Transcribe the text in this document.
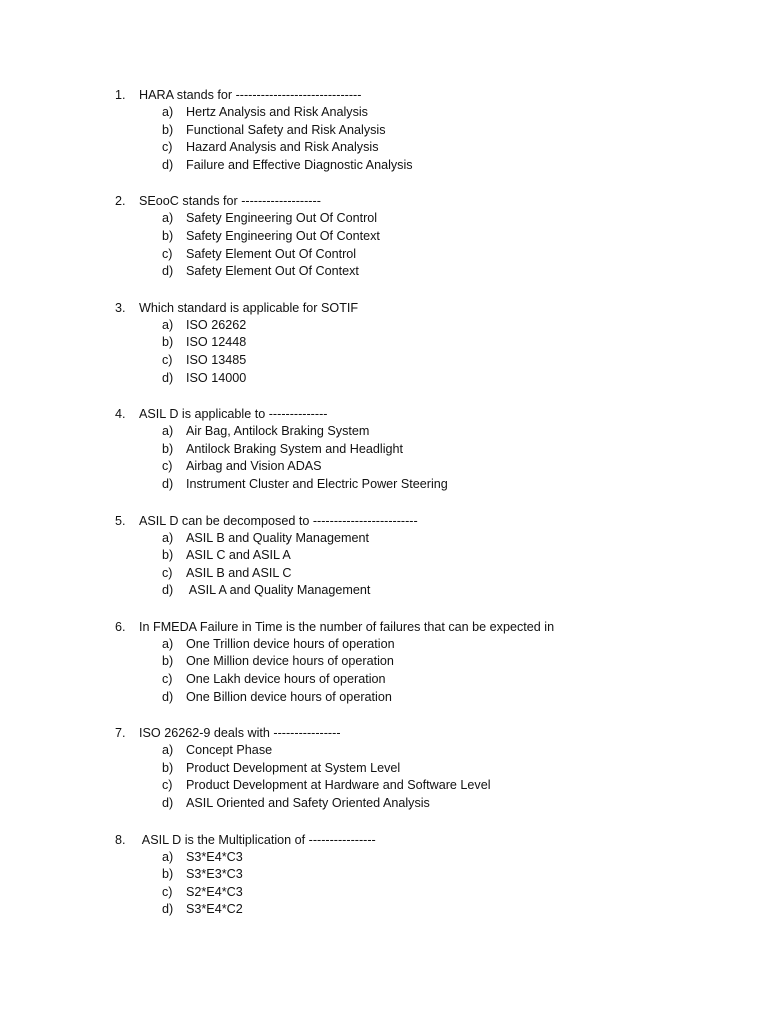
1.	HARA stands for ------------------------------
a)	Hertz Analysis and Risk Analysis
b)	Functional Safety and Risk Analysis
c)	Hazard Analysis and Risk Analysis
d)	Failure and Effective Diagnostic Analysis
2.	SEooC stands for -------------------
a)	Safety Engineering Out Of Control
b)	Safety Engineering Out Of Context
c)	Safety Element Out Of Control
d)	Safety Element Out Of Context
3.	Which standard is applicable for SOTIF
a)	ISO 26262
b)	ISO 12448
c)	ISO 13485
d)	ISO 14000
4.	ASIL D is applicable to --------------
a)	Air Bag, Antilock Braking System
b)	Antilock Braking System and Headlight
c)	Airbag and Vision ADAS
d)	Instrument Cluster and Electric Power Steering
5.	ASIL D can be decomposed to -------------------------
a)	ASIL B and Quality Management
b)	ASIL C and ASIL A
c)	ASIL B and ASIL C
d)	ASIL A and Quality Management
6.	In FMEDA Failure in Time is the number of failures that can be expected in
a)	One Trillion device hours of operation
b)	One Million device hours of operation
c)	One Lakh device hours of operation
d)	One Billion device hours of operation
7.	ISO 26262-9 deals with ----------------
a)	Concept Phase
b)	Product Development at System Level
c)	Product Development at Hardware and Software Level
d)	ASIL Oriented and Safety Oriented Analysis
8.	ASIL D is the Multiplication of ----------------
a)	S3*E4*C3
b)	S3*E3*C3
c)	S2*E4*C3
d)	S3*E4*C2
